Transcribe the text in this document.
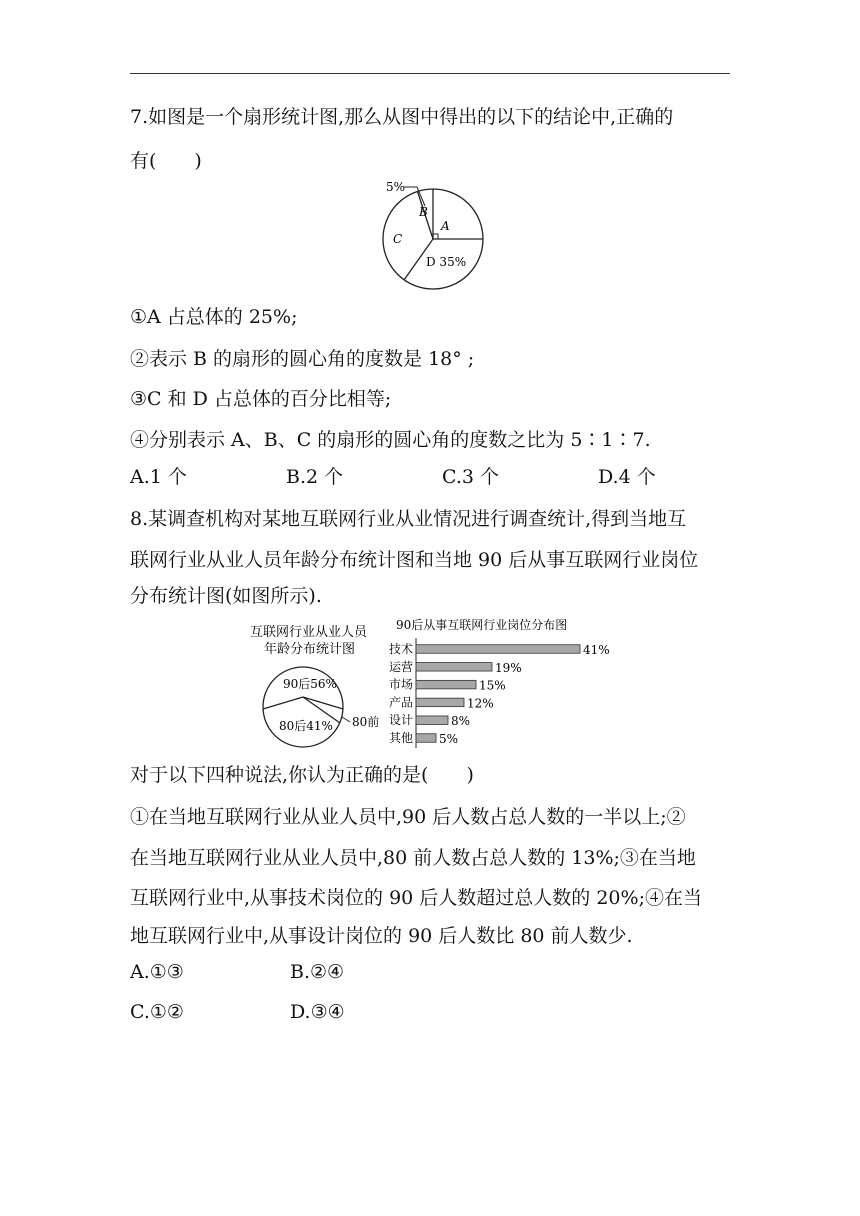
7.如图是一个扇形统计图,那么从图中得出的以下的结论中,正确的
有(　　)
5%
B
A
C
D 35%
①A 占总体的 25%;
②表示 B 的扇形的圆心角的度数是 18° ;
③C 和 D 占总体的百分比相等;
④分别表示 A、B、C 的扇形的圆心角的度数之比为 5∶1∶7.
A.1 个	B.2 个	C.3 个	D.4 个
8.某调查机构对某地互联网行业从业情况进行调查统计,得到当地互
联网行业从业人员年龄分布统计图和当地 90 后从事互联网行业岗位
分布统计图(如图所示).
互联网行业从业人员
年龄分布统计图
90后56%
80后41% 80前
90后从事互联网行业岗位分布图
技术	41%
运营	19%
市场	15%
产品	12%
设计	8%
其他 5%
对于以下四种说法,你认为正确的是(　　)
①在当地互联网行业从业人员中,90 后人数占总人数的一半以上;②
在当地互联网行业从业人员中,80 前人数占总人数的 13%;③在当地
互联网行业中,从事技术岗位的 90 后人数超过总人数的 20%;④在当
地互联网行业中,从事设计岗位的 90 后人数比 80 前人数少.
A.①③	B.②④
C.①②	D.③④
